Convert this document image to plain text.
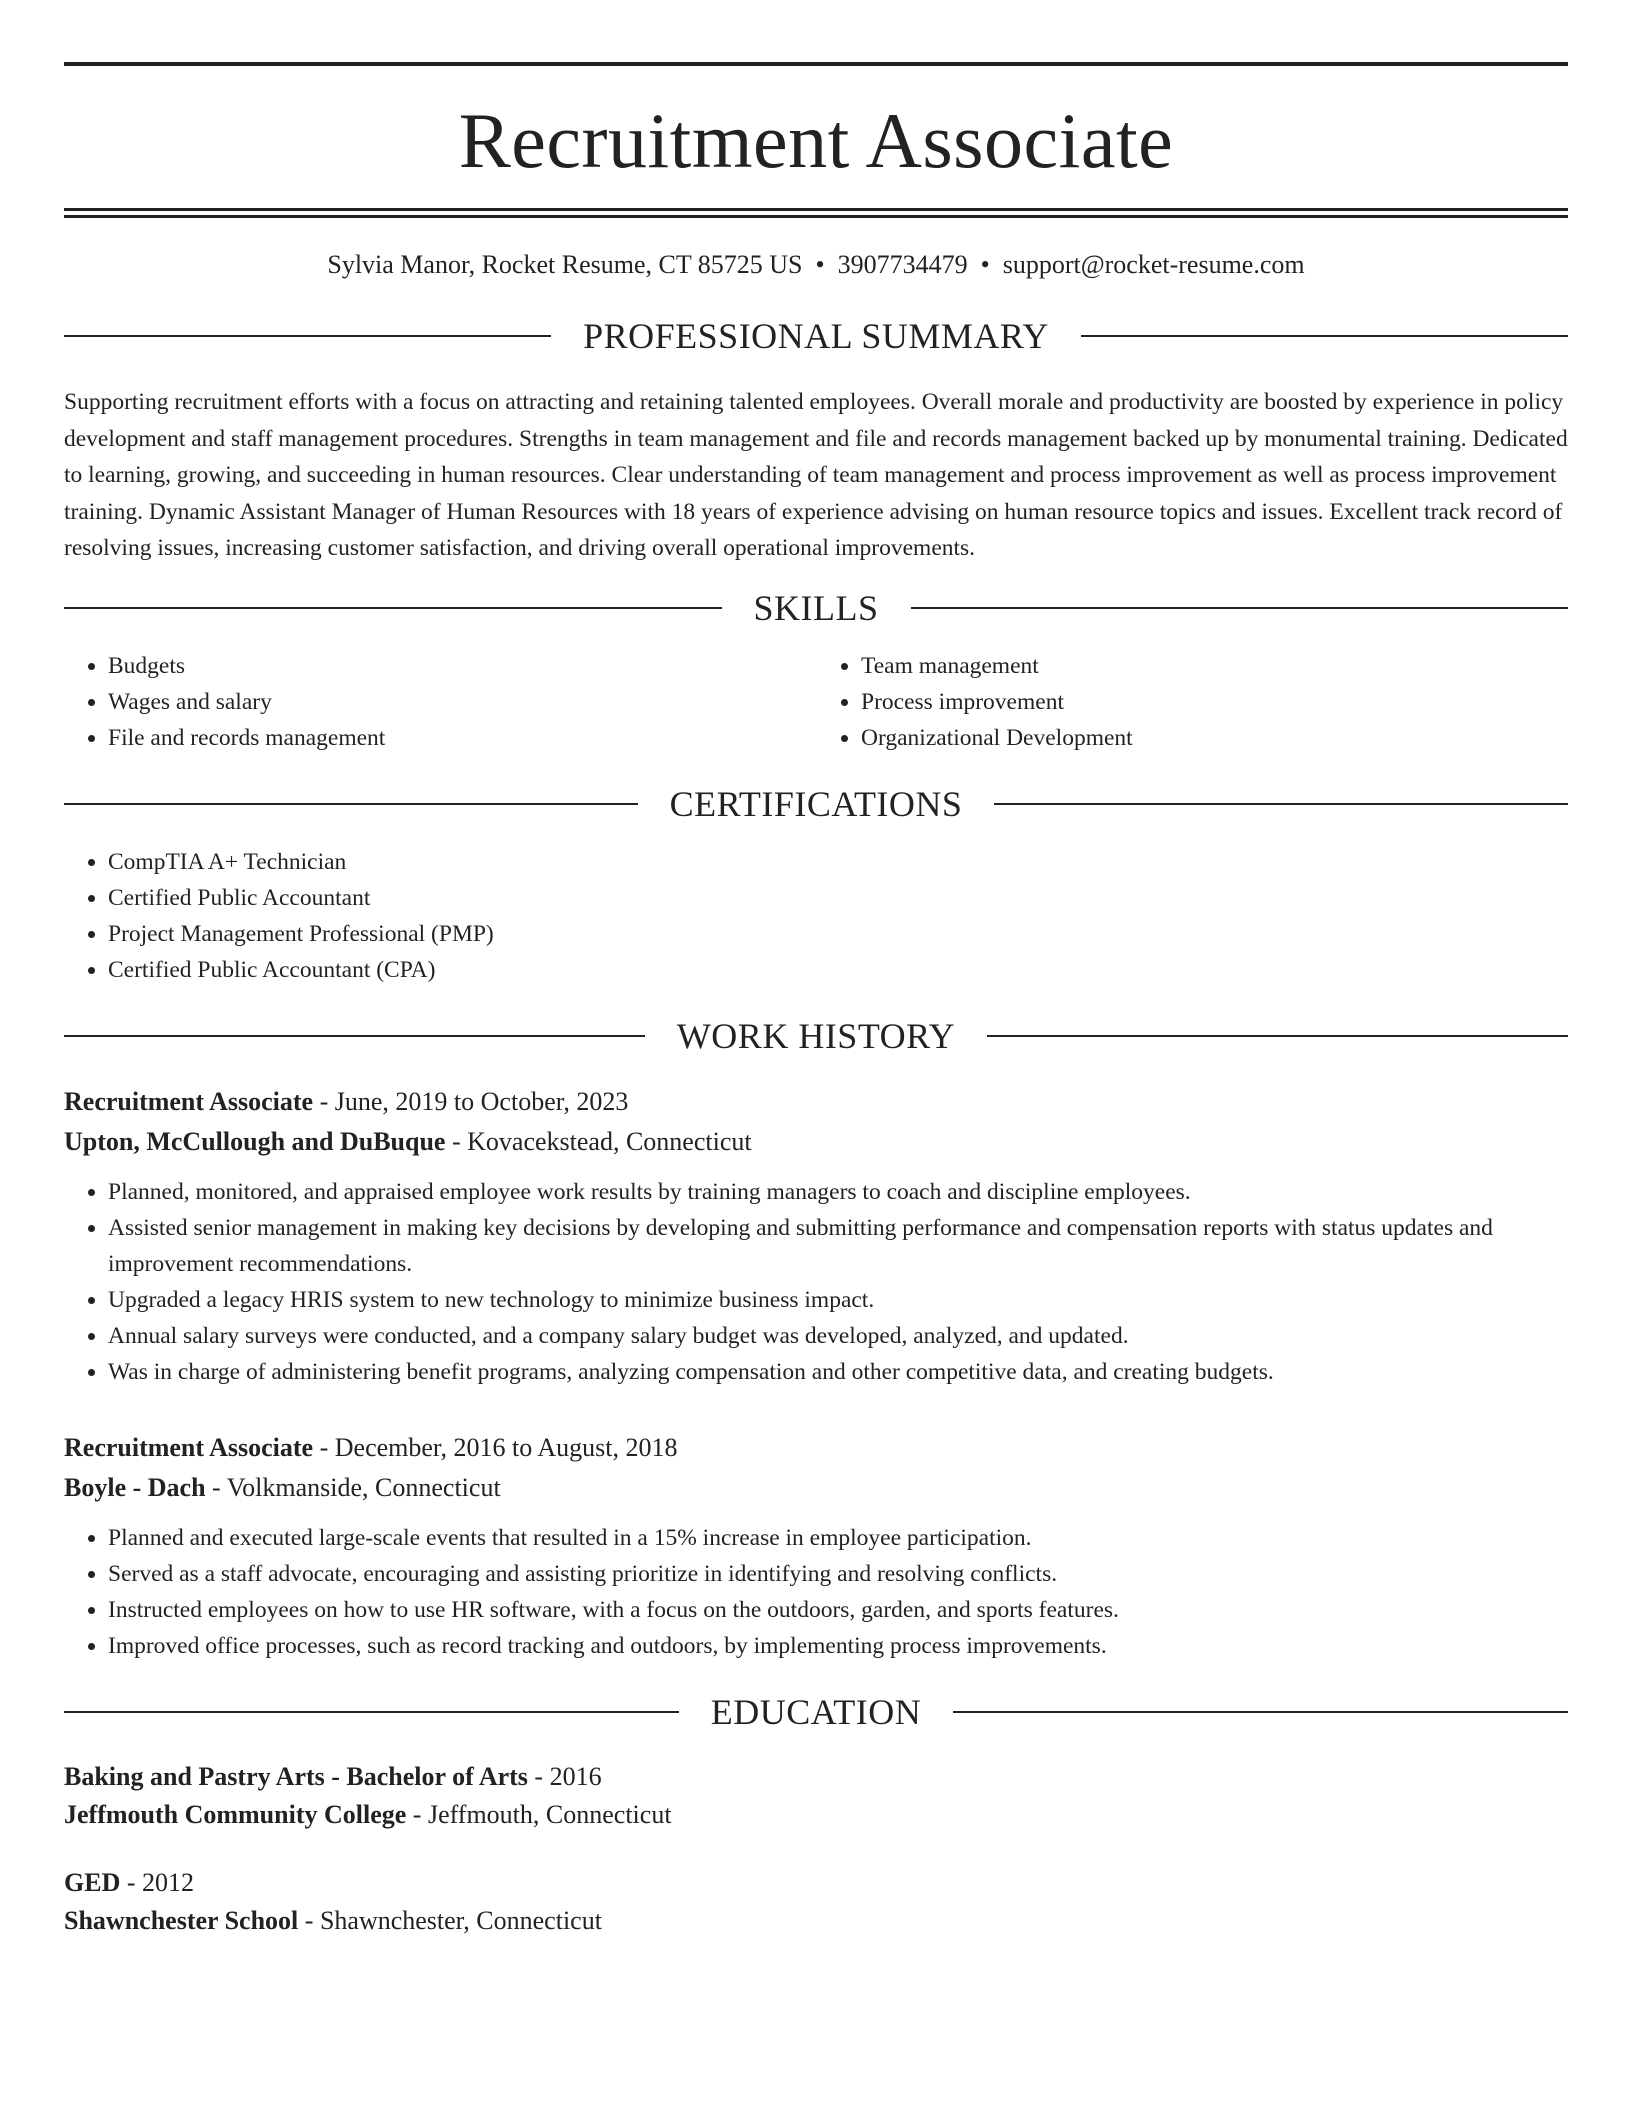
Recruitment Associate
Sylvia Manor, Rocket Resume, CT 85725 US • 3907734479 • support@rocket-resume.com
PROFESSIONAL SUMMARY

Supporting recruitment efforts with a focus on attracting and retaining talented employees. Overall morale and productivity are boosted by experience in policy development and staff management procedures. Strengths in team management and file and records management backed up by monumental training. Dedicated to learning, growing, and succeeding in human resources. Clear understanding of team management and process improvement as well as process improvement training. Dynamic Assistant Manager of Human Resources with 18 years of experience advising on human resource topics and issues. Excellent track record of resolving issues, increasing customer satisfaction, and driving overall operational improvements.

SKILLS
• Budgets
• Wages and salary
• File and records management
• Team management
• Process improvement
• Organizational Development
CERTIFICATIONS
• CompTIA A+ Technician
• Certified Public Accountant
• Project Management Professional (PMP)
• Certified Public Accountant (CPA)
WORK HISTORY
Recruitment Associate - June, 2019 to October, 2023
Upton, McCullough and DuBuque - Kovacekstead, Connecticut
• Planned, monitored, and appraised employee work results by training managers to coach and discipline employees.
• Assisted senior management in making key decisions by developing and submitting performance and compensation reports with status updates and improvement recommendations.
• Upgraded a legacy HRIS system to new technology to minimize business impact.
• Annual salary surveys were conducted, and a company salary budget was developed, analyzed, and updated.
• Was in charge of administering benefit programs, analyzing compensation and other competitive data, and creating budgets.
Recruitment Associate - December, 2016 to August, 2018
Boyle - Dach - Volkmanside, Connecticut
• Planned and executed large-scale events that resulted in a 15% increase in employee participation.
• Served as a staff advocate, encouraging and assisting prioritize in identifying and resolving conflicts.
• Instructed employees on how to use HR software, with a focus on the outdoors, garden, and sports features.
• Improved office processes, such as record tracking and outdoors, by implementing process improvements.
EDUCATION
Baking and Pastry Arts - Bachelor of Arts - 2016
Jeffmouth Community College - Jeffmouth, Connecticut
GED - 2012
Shawnchester School - Shawnchester, Connecticut
